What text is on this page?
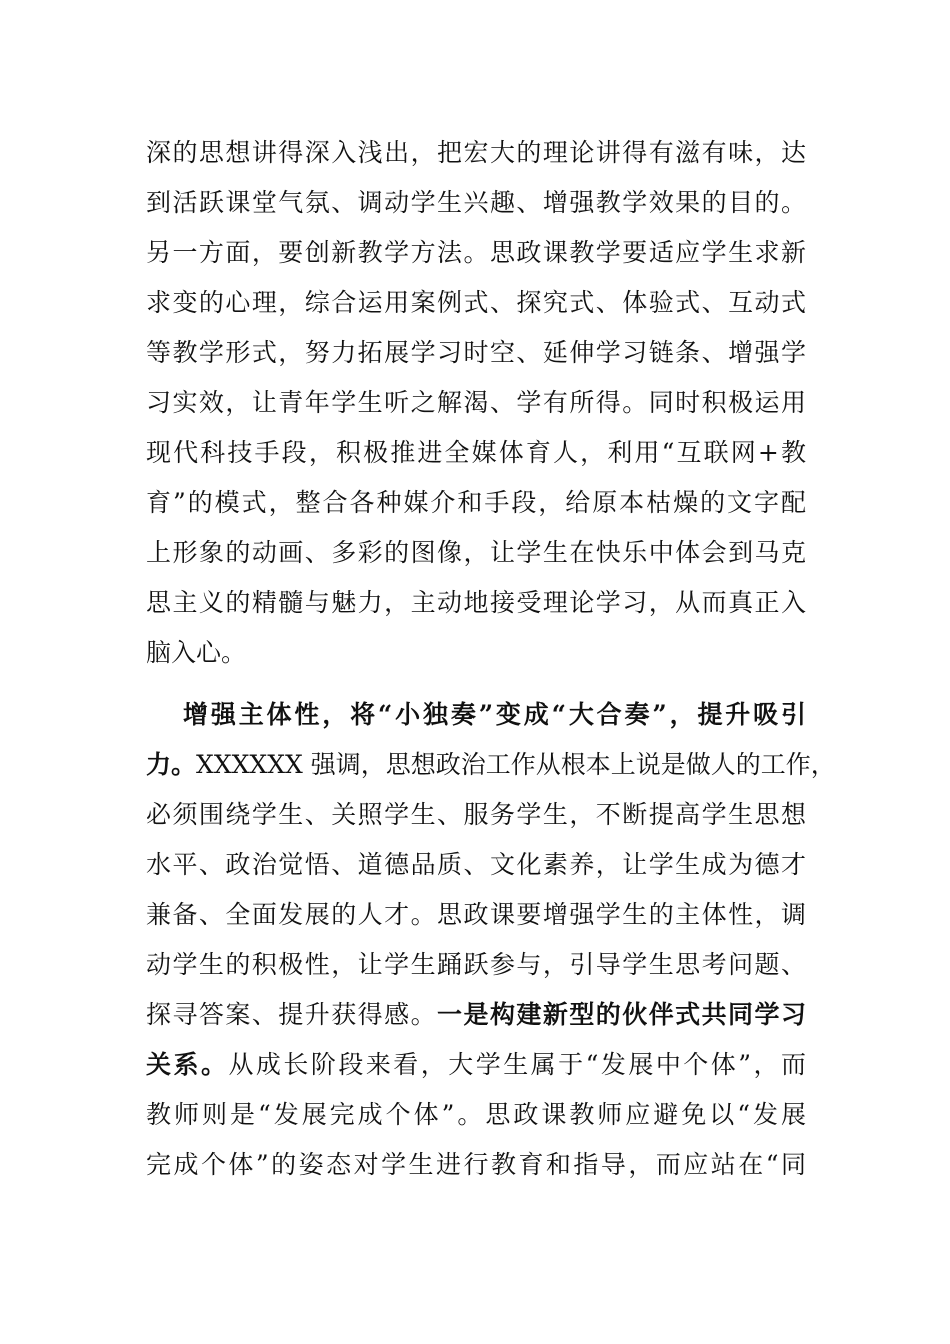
深的思想讲得深入浅出，把宏大的理论讲得有滋有味，达
到活跃课堂气氛、调动学生兴趣、增强教学效果的目的。
另一方面，要创新教学方法。思政课教学要适应学生求新
求变的心理，综合运用案例式、探究式、体验式、互动式
等教学形式，努力拓展学习时空、延伸学习链条、增强学
习实效，让青年学生听之解渴、学有所得。同时积极运用
现代科技手段，积极推进全媒体育人，利用“互联网+教
育”的模式，整合各种媒介和手段，给原本枯燥的文字配
上形象的动画、多彩的图像，让学生在快乐中体会到马克
思主义的精髓与魅力，主动地接受理论学习，从而真正入
脑入心。
增强主体性，将“小独奏”变成“大合奏”，提升吸引
力。XXXXXX 强调，思想政治工作从根本上说是做人的工作，
必须围绕学生、关照学生、服务学生，不断提高学生思想
水平、政治觉悟、道德品质、文化素养，让学生成为德才
兼备、全面发展的人才。思政课要增强学生的主体性，调
动学生的积极性，让学生踊跃参与，引导学生思考问题、
探寻答案、提升获得感。一是构建新型的伙伴式共同学习
关系。从成长阶段来看，大学生属于“发展中个体”，而
教师则是“发展完成个体”。思政课教师应避免以“发展
完成个体”的姿态对学生进行教育和指导，而应站在“同
